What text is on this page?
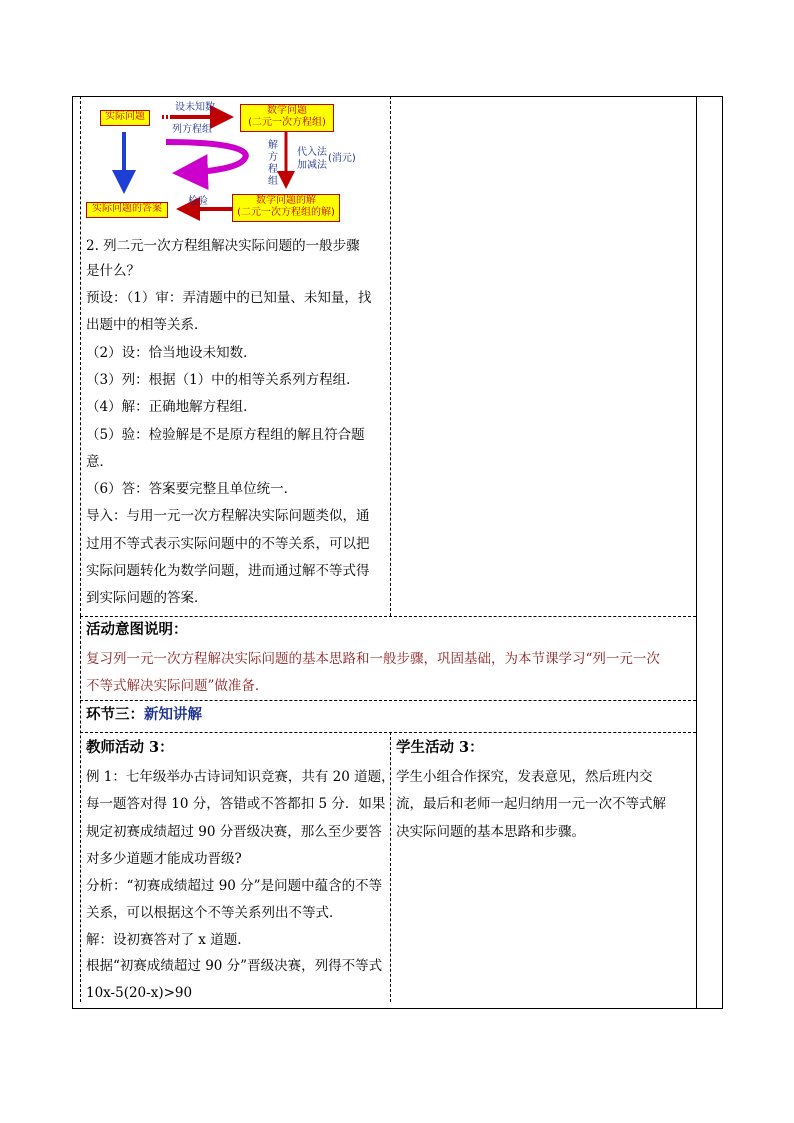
实际问题
设未知数
列方程组
数学问题
(二元一次方程组)
解
方
程
组
代入法
加减法
(消元)
检验	数学问题的解
(二元一次方程组的解)
实际问题的答案
2. 列二元一次方程组解决实际问题的一般步骤
是什么？
预设：（1）审：弄清题中的已知量、未知量，找
出题中的相等关系．
（2）设：恰当地设未知数．
（3）列：根据（1）中的相等关系列方程组．
（4）解：正确地解方程组．
（5）验：检验解是不是原方程组的解且符合题
意．
（6）答：答案要完整且单位统一．
导入：与用一元一次方程解决实际问题类似，通
过用不等式表示实际问题中的不等关系，可以把
实际问题转化为数学问题，进而通过解不等式得
到实际问题的答案．
活动意图说明：
复习列一元一次方程解决实际问题的基本思路和一般步骤，巩固基础，为本节课学习“列一元一次
不等式解决实际问题”做准备．
环节三：新知讲解
教师活动 3：
例 1：七年级举办古诗词知识竞赛，共有 20 道题，
每一题答对得 10 分，答错或不答都扣 5 分．如果
规定初赛成绩超过 90 分晋级决赛，那么至少要答
对多少道题才能成功晋级?
分析：“初赛成绩超过 90 分”是问题中蕴含的不等
关系，可以根据这个不等关系列出不等式．
解：设初赛答对了 x 道题.
根据“初赛成绩超过 90 分”晋级决赛，列得不等式
10x-5(20-x)>90
学生活动 3：
学生小组合作探究，发表意见，然后班内交
流，最后和老师一起归纳用一元一次不等式解
决实际问题的基本思路和步骤。
